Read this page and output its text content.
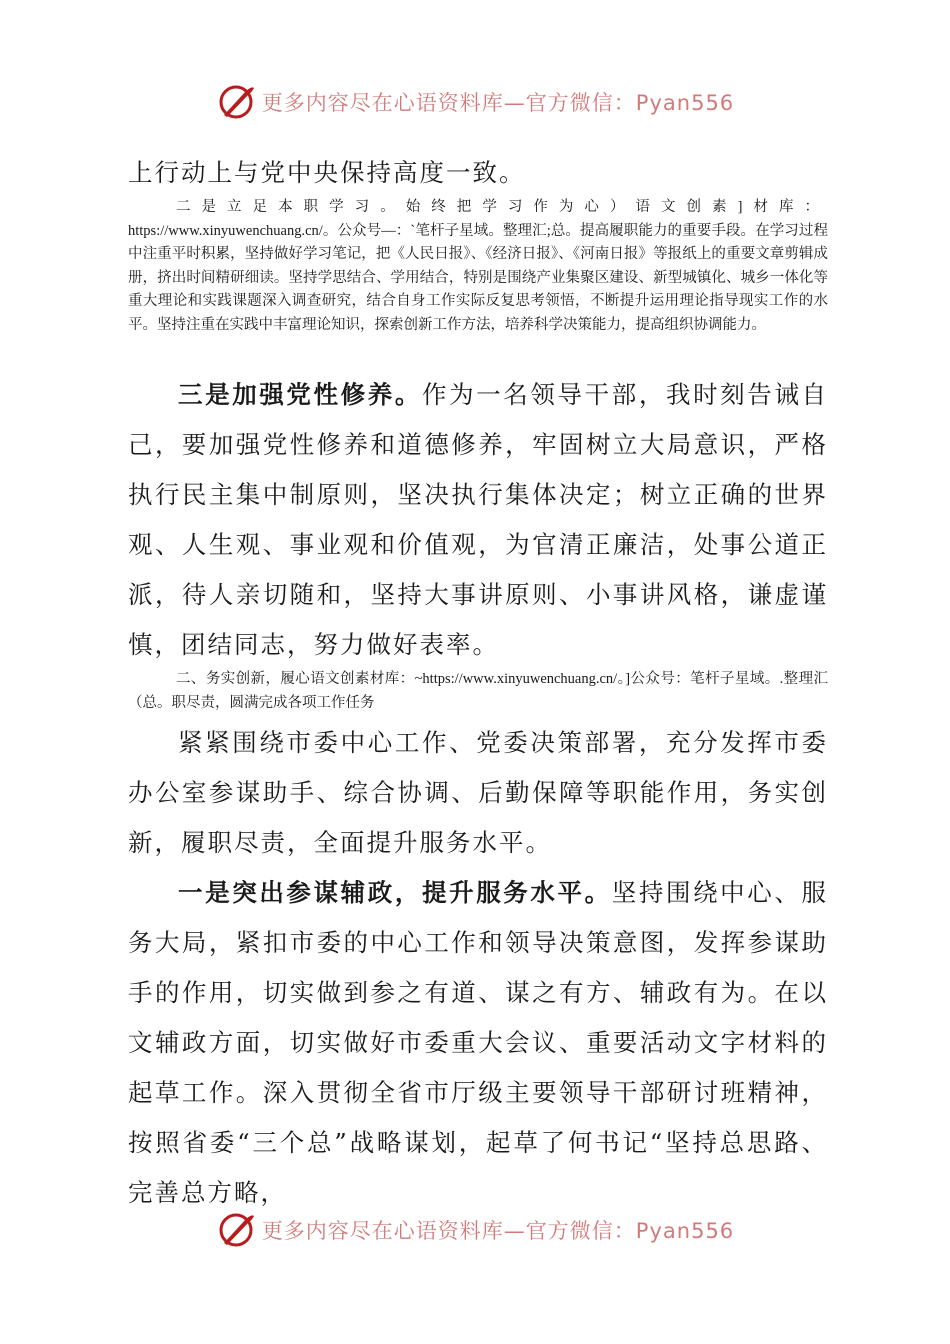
更多内容尽在心语资料库—官方微信：Pyan556

上行动上与党中央保持高度一致。

二是立足本职学习。始终把学习作为心）语文创素]材库：https://www.xinyuwenchuang.cn/。公众号—：`笔杆子星域。整理汇;总。提高履职能力的重要手段。在学习过程中注重平时积累，坚持做好学习笔记，把《人民日报》、《经济日报》、《河南日报》等报纸上的重要文章剪辑成册，挤出时间精研细读。坚持学思结合、学用结合，特别是围绕产业集聚区建设、新型城镇化、城乡一体化等重大理论和实践课题深入调查研究，结合自身工作实际反复思考领悟，不断提升运用理论指导现实工作的水平。坚持注重在实践中丰富理论知识，探索创新工作方法，培养科学决策能力，提高组织协调能力。

三是加强党性修养。作为一名领导干部，我时刻告诫自己，要加强党性修养和道德修养，牢固树立大局意识，严格执行民主集中制原则，坚决执行集体决定；树立正确的世界观、人生观、事业观和价值观，为官清正廉洁，处事公道正派，待人亲切随和，坚持大事讲原则、小事讲风格，谦虚谨慎，团结同志，努力做好表率。

二、务实创新，履心语文创素材库：~https://www.xinyuwenchuang.cn/。]公众号：笔杆子星域。.整理汇（总。职尽责，圆满完成各项工作任务

紧紧围绕市委中心工作、党委决策部署，充分发挥市委办公室参谋助手、综合协调、后勤保障等职能作用，务实创新，履职尽责，全面提升服务水平。

一是突出参谋辅政，提升服务水平。坚持围绕中心、服务大局，紧扣市委的中心工作和领导决策意图，发挥参谋助手的作用，切实做到参之有道、谋之有方、辅政有为。在以文辅政方面，切实做好市委重大会议、重要活动文字材料的起草工作。深入贯彻全省市厅级主要领导干部研讨班精神，按照省委“三个总”战略谋划，起草了何书记“坚持总思路、完善总方略，

更多内容尽在心语资料库—官方微信：Pyan556
